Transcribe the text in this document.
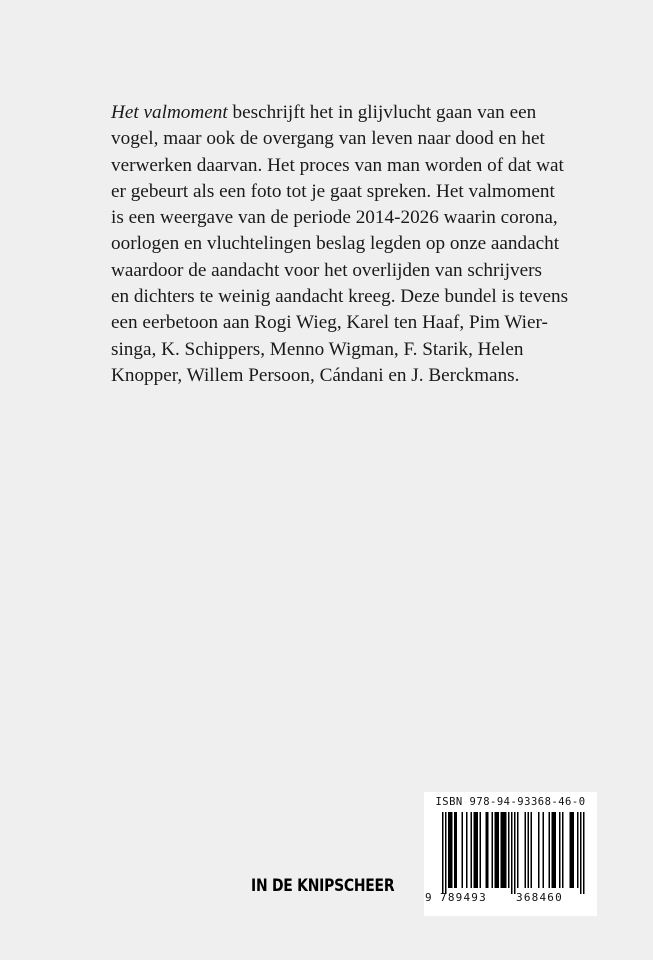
Het valmoment beschrijft het in glijvlucht gaan van een
vogel, maar ook de overgang van leven naar dood en het
verwerken daarvan. Het proces van man worden of dat wat
er gebeurt als een foto tot je gaat spreken. Het valmoment
is een weergave van de periode 2014-2026 waarin corona,
oorlogen en vluchtelingen beslag legden op onze aandacht
waardoor de aandacht voor het overlijden van schrijvers
en dichters te weinig aandacht kreeg. Deze bundel is tevens
een eerbetoon aan Rogi Wieg, Karel ten Haaf, Pim Wier-
singa, K. Schippers, Menno Wigman, F. Starik, Helen
Knopper, Willem Persoon, Cándani en J. Berckmans.

IN DE KNIPSCHEER
ISBN 978-94-93368-46-0
9 789493	368460
